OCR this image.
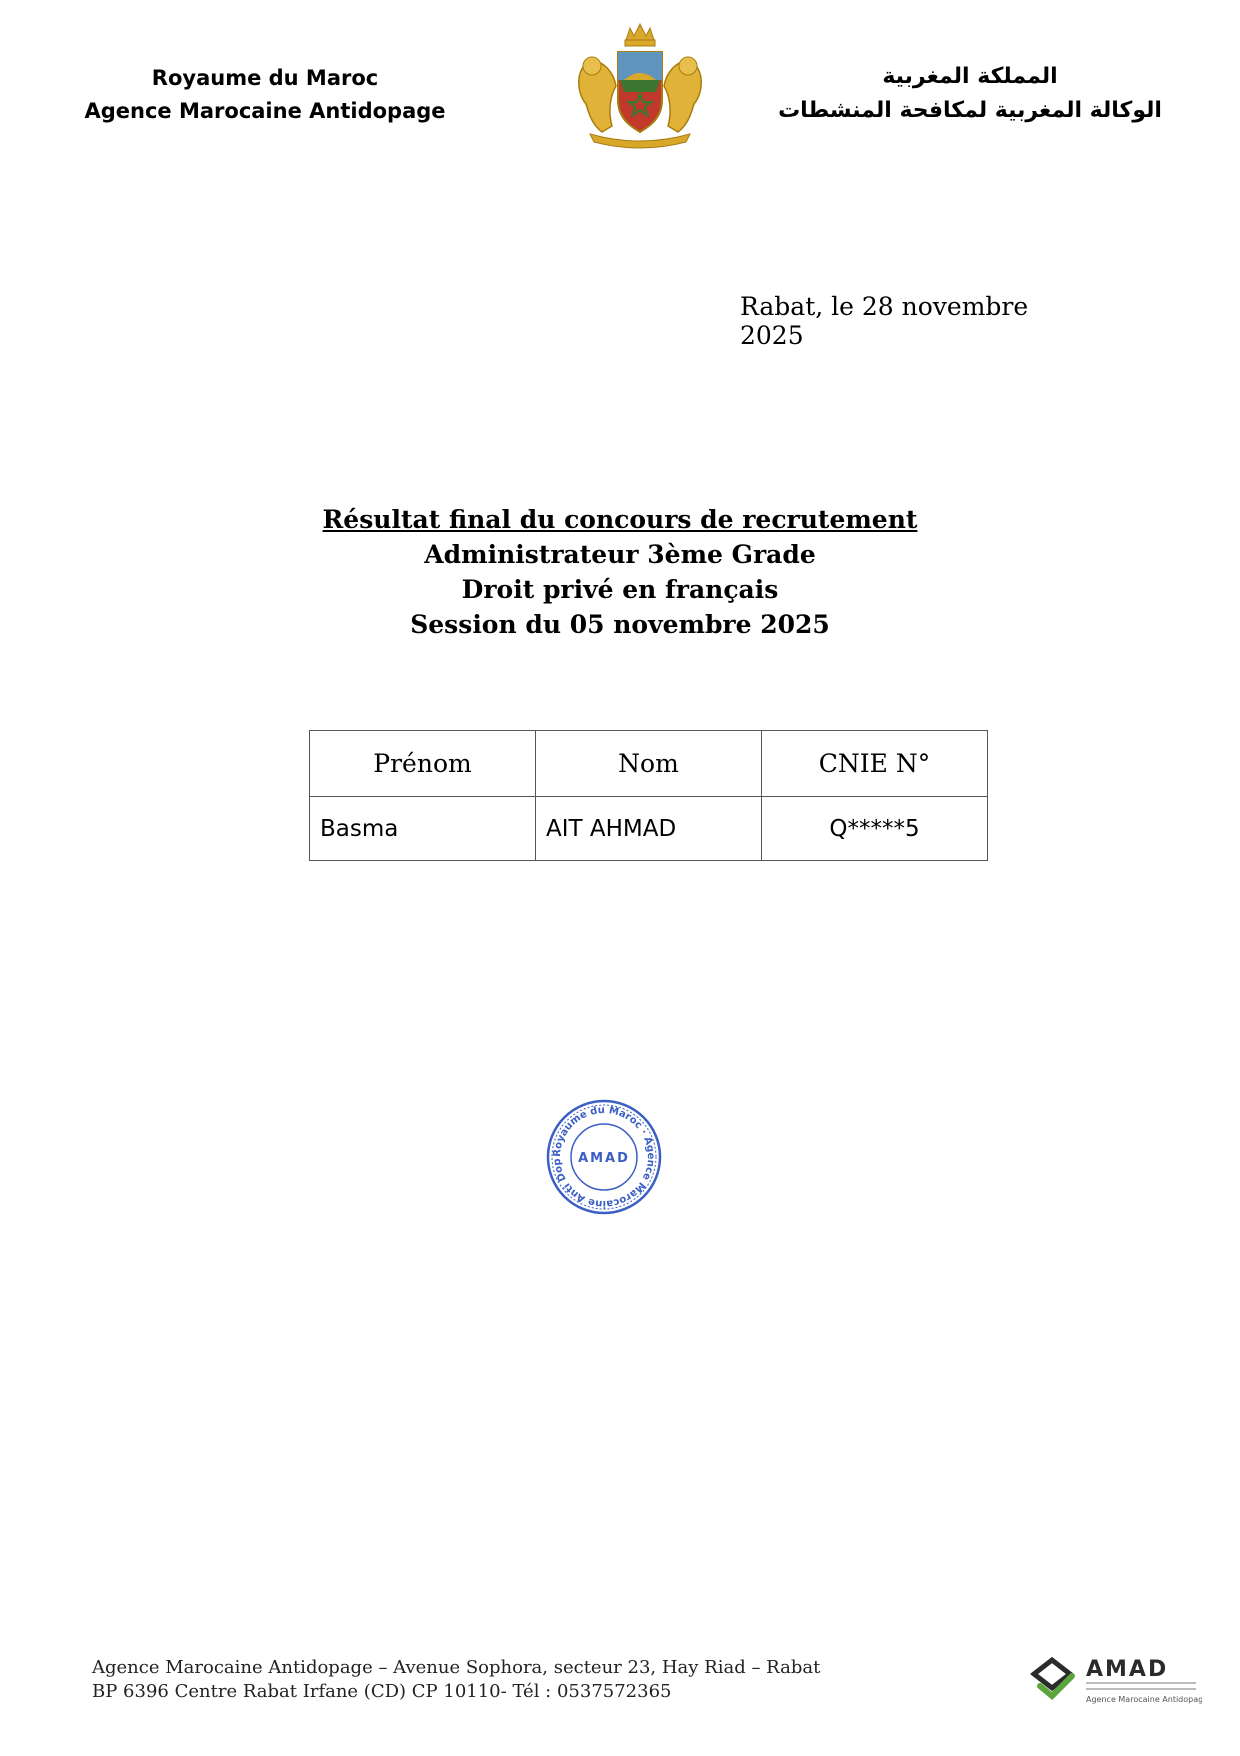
Royaume du Maroc
Agence Marocaine Antidopage
المملكة المغربية
الوكالة المغربية لمكافحة المنشطات
Rabat, le 28 novembre 2025
Résultat final du concours de recrutement
Administrateur 3ème Grade
Droit privé en français
Session du 05 novembre 2025
Prénom	Nom	CNIE N°
Basma	AIT AHMAD	Q*****5
Royaume du Maroc · Agence Marocaine Anti Dop	AMAD
Agence Marocaine Antidopage – Avenue Sophora, secteur 23, Hay Riad – Rabat
BP 6396 Centre Rabat Irfane (CD) CP 10110- Tél : 0537572365
AMAD
Agence Marocaine Antidopage
